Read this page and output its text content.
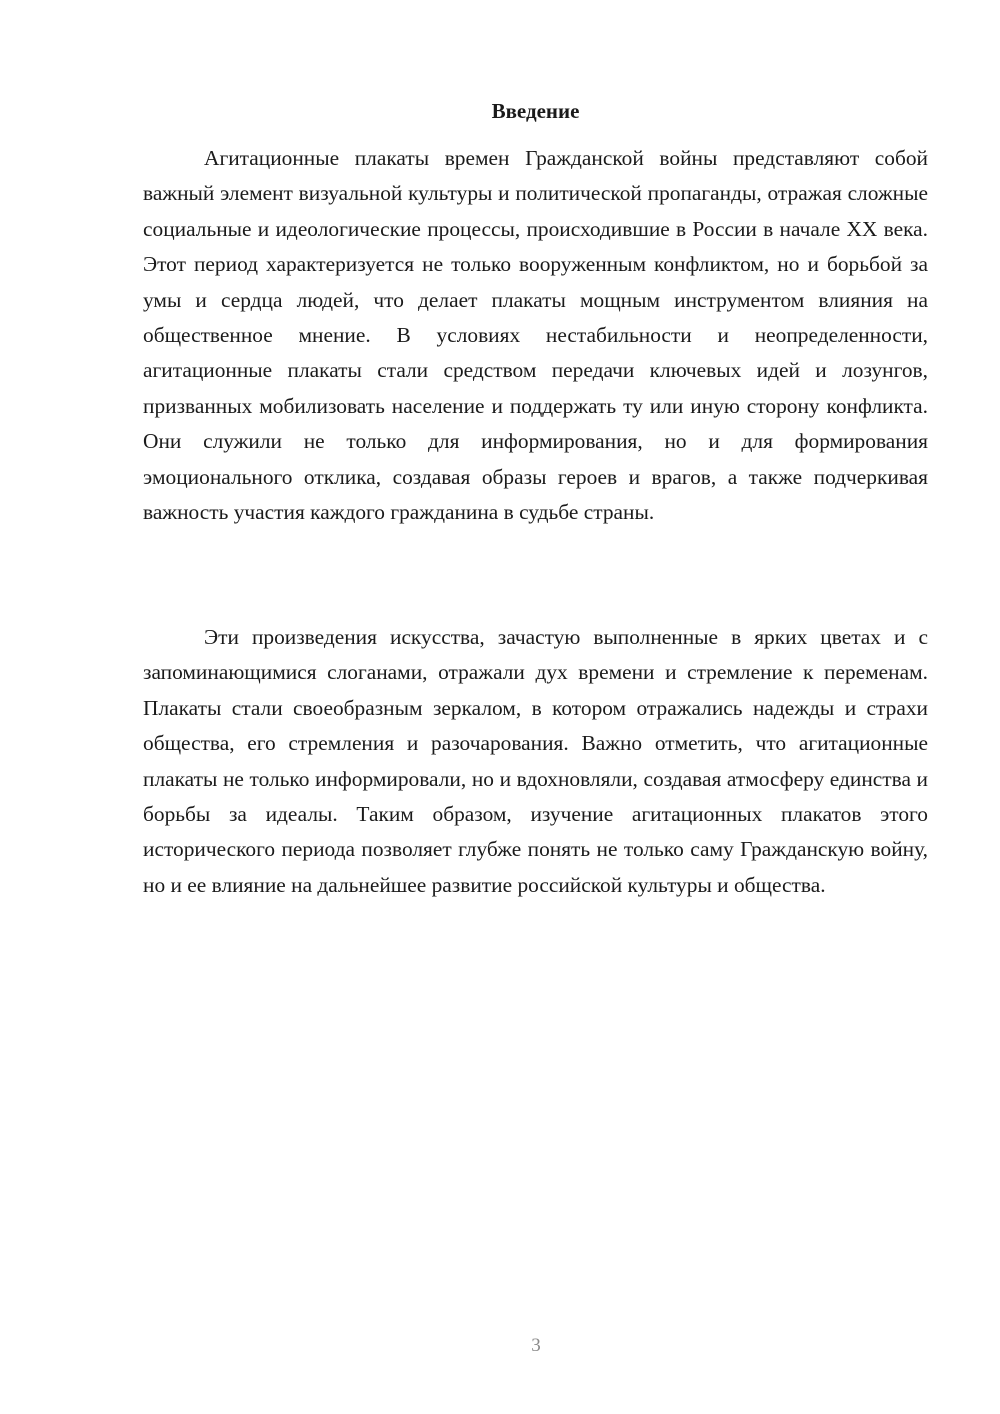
Введение

Агитационные плакаты времен Гражданской войны представляют собой важный элемент визуальной культуры и политической пропаганды, отражая сложные социальные и идеологические процессы, происходившие в России в начале XX века. Этот период характеризуется не только вооруженным конфликтом, но и борьбой за умы и сердца людей, что делает плакаты мощным инструментом влияния на общественное мнение. В условиях нестабильности и неопределенности, агитационные плакаты стали средством передачи ключевых идей и лозунгов, призванных мобилизовать население и поддержать ту или иную сторону конфликта. Они служили не только для информирования, но и для формирования эмоционального отклика, создавая образы героев и врагов, а также подчеркивая важность участия каждого гражданина в судьбе страны.

Эти произведения искусства, зачастую выполненные в ярких цветах и с запоминающимися слоганами, отражали дух времени и стремление к переменам. Плакаты стали своеобразным зеркалом, в котором отражались надежды и страхи общества, его стремления и разочарования. Важно отметить, что агитационные плакаты не только информировали, но и вдохновляли, создавая атмосферу единства и борьбы за идеалы. Таким образом, изучение агитационных плакатов этого исторического периода позволяет глубже понять не только саму Гражданскую войну, но и ее влияние на дальнейшее развитие российской культуры и общества.

3
